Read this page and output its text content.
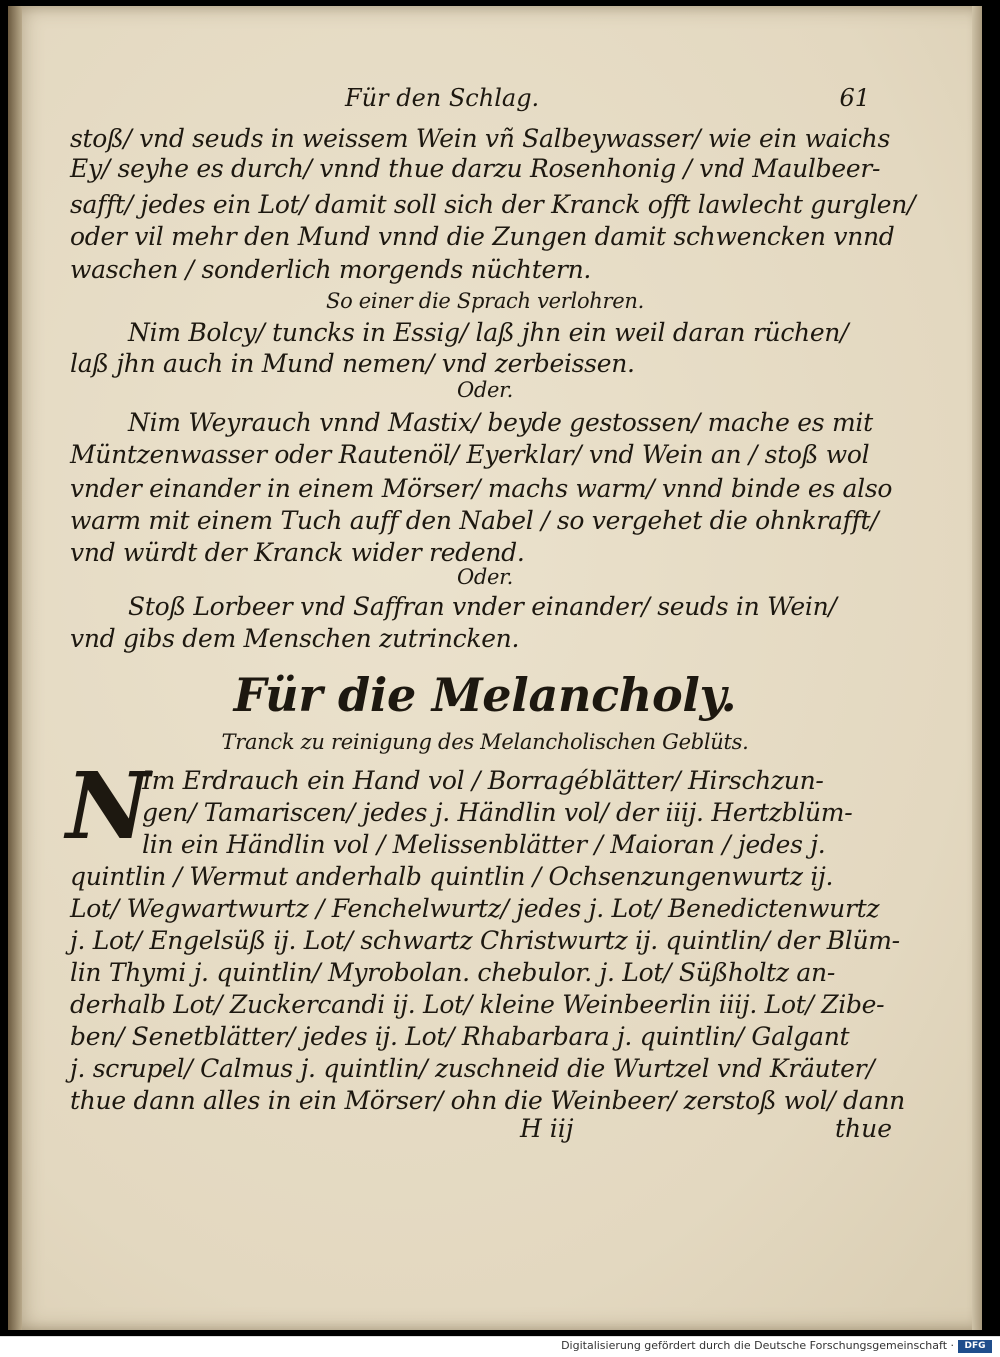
Für den Schlag.	61
stoß/ vnd seuds in weissem Wein vñ Salbeywasser/ wie ein waichs
Ey/ seyhe es durch/ vnnd thue darzu Rosenhonig / vnd Maulbeer-
safft/ jedes ein Lot/ damit soll sich der Kranck offt lawlecht gurglen/
oder vil mehr den Mund vnnd die Zungen damit schwencken vnnd
waschen / sonderlich morgends nüchtern.
So einer die Sprach verlohren.
Nim Bolcy/ tuncks in Essig/ laß jhn ein weil daran rüchen/
laß jhn auch in Mund nemen/ vnd zerbeissen.
Oder.
Nim Weyrauch vnnd Mastix/ beyde gestossen/ mache es mit
Müntzenwasser oder Rautenöl/ Eyerklar/ vnd Wein an / stoß wol
vnder einander in einem Mörser/ machs warm/ vnnd binde es also
warm mit einem Tuch auff den Nabel / so vergehet die ohnkrafft/
vnd würdt der Kranck wider redend.
Oder.
Stoß Lorbeer vnd Saffran vnder einander/ seuds in Wein/
vnd gibs dem Menschen zutrincken.
Für die Melancholy.
Tranck zu reinigung des Melancholischen Geblüts.
N
Im Erdrauch ein Hand vol / Borragéblätter/ Hirschzun-
gen/ Tamariscen/ jedes j. Händlin vol/ der iiij. Hertzblüm-
lin ein Händlin vol / Melissenblätter / Maioran / jedes j.
quintlin / Wermut anderhalb quintlin / Ochsenzungenwurtz ij.
Lot/ Wegwartwurtz / Fenchelwurtz/ jedes j. Lot/ Benedictenwurtz
j. Lot/ Engelsüß ij. Lot/ schwartz Christwurtz ij. quintlin/ der Blüm-
lin Thymi j. quintlin/ Myrobolan. chebulor. j. Lot/ Süßholtz an-
derhalb Lot/ Zuckercandi ij. Lot/ kleine Weinbeerlin iiij. Lot/ Zibe-
ben/ Senetblätter/ jedes ij. Lot/ Rhabarbara j. quintlin/ Galgant
j. scrupel/ Calmus j. quintlin/ zuschneid die Wurtzel vnd Kräuter/
thue dann alles in ein Mörser/ ohn die Weinbeer/ zerstoß wol/ dann
H iij	thue
Digitalisierung gefördert durch die Deutsche Forschungsgemeinschaft ·	DFG
